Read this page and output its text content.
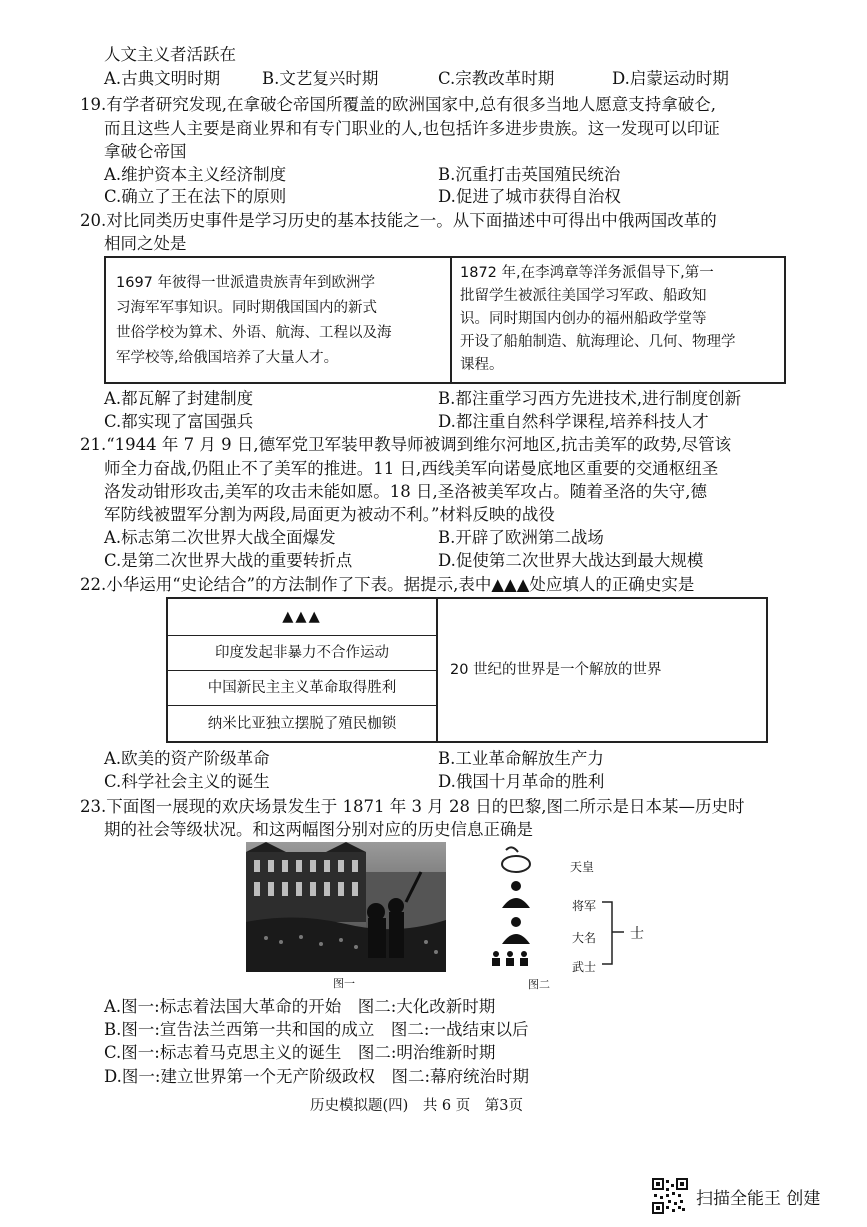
人文主义者活跃在
A.古典文明时期	B.文艺复兴时期	C.宗教改革时期	D.启蒙运动时期
19.有学者研究发现,在拿破仑帝国所覆盖的欧洲国家中,总有很多当地人愿意支持拿破仑,
而且这些人主要是商业界和有专门职业的人,也包括许多进步贵族。这一发现可以印证
拿破仑帝国
A.维护资本主义经济制度	B.沉重打击英国殖民统治
C.确立了王在法下的原则	D.促进了城市获得自治权
20.对比同类历史事件是学习历史的基本技能之一。从下面描述中可得出中俄两国改革的
相同之处是
1697 年彼得一世派遣贵族青年到欧洲学
习海军军事知识。同时期俄国国内的新式
世俗学校为算术、外语、航海、工程以及海
军学校等,给俄国培养了大量人才。
1872 年,在李鸿章等洋务派倡导下,第一
批留学生被派往美国学习军政、船政知
识。同时期国内创办的福州船政学堂等
开设了船舶制造、航海理论、几何、物理学
课程。
A.都瓦解了封建制度	B.都注重学习西方先进技术,进行制度创新
C.都实现了富国强兵	D.都注重自然科学课程,培养科技人才
21.“1944 年 7 月 9 日,德军党卫军装甲教导师被调到维尔河地区,抗击美军的政势,尽管该
师全力奋战,仍阻止不了美军的推进。11 日,西线美军向诺曼底地区重要的交通枢纽圣
洛发动钳形攻击,美军的攻击未能如愿。18 日,圣洛被美军攻占。随着圣洛的失守,德
军防线被盟军分割为两段,局面更为被动不利。”材料反映的战役
A.标志第二次世界大战全面爆发	B.开辟了欧洲第二战场
C.是第二次世界大战的重要转折点	D.促使第二次世界大战达到最大规模
22.小华运用“史论结合”的方法制作了下表。据提示,表中▲▲▲处应填人的正确史实是
▲▲▲
印度发起非暴力不合作运动
中国新民主主义革命取得胜利
纳米比亚独立摆脱了殖民枷锁
20 世纪的世界是一个解放的世界
A.欧美的资产阶级革命	B.工业革命解放生产力
C.科学社会主义的诞生	D.俄国十月革命的胜利
23.下面图一展现的欢庆场景发生于 1871 年 3 月 28 日的巴黎,图二所示是日本某—历史时
期的社会等级状况。和这两幅图分别对应的历史信息正确是
图一
天皇
将军
大名
武士
士
图二
A.图一:标志着法国大革命的开始　图二:大化改新时期
B.图一:宣告法兰西第一共和国的成立　图二:一战结束以后
C.图一:标志着马克思主义的诞生　图二:明治维新时期
D.图一:建立世界第一个无产阶级政权　图二:幕府统治时期
历史模拟题(四)　共 6 页　第3页
扫描全能王 创建
